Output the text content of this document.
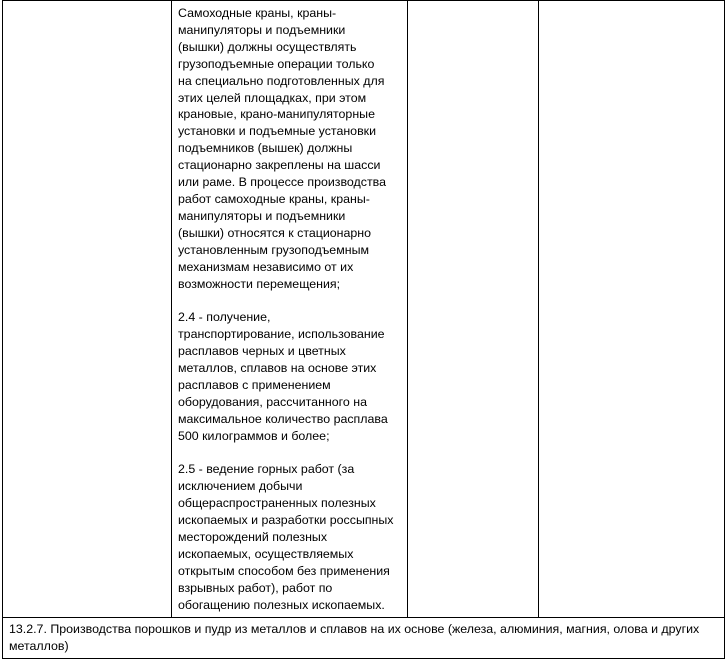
Самоходные краны, краны-
манипуляторы и подъемники
(вышки) должны осуществлять
грузоподъемные операции только
на специально подготовленных для
этих целей площадках, при этом
крановые, крано-манипуляторные
установки и подъемные установки
подъемников (вышек) должны
стационарно закреплены на шасси
или раме. В процессе производства
работ самоходные краны, краны-
манипуляторы и подъемники
(вышки) относятся к стационарно
установленным грузоподъемным
механизмам независимо от их
возможности перемещения;

2.4 - получение,
транспортирование, использование
расплавов черных и цветных
металлов, сплавов на основе этих
расплавов с применением
оборудования, рассчитанного на
максимальное количество расплава
500 килограммов и более;

2.5 - ведение горных работ (за
исключением добычи
общераспространенных полезных
ископаемых и разработки россыпных
месторождений полезных
ископаемых, осуществляемых
открытым способом без применения
взрывных работ), работ по
обогащению полезных ископаемых.

13.2.7. Производства порошков и пудр из металлов и сплавов на их основе (железа, алюминия, магния, олова и других металлов)
